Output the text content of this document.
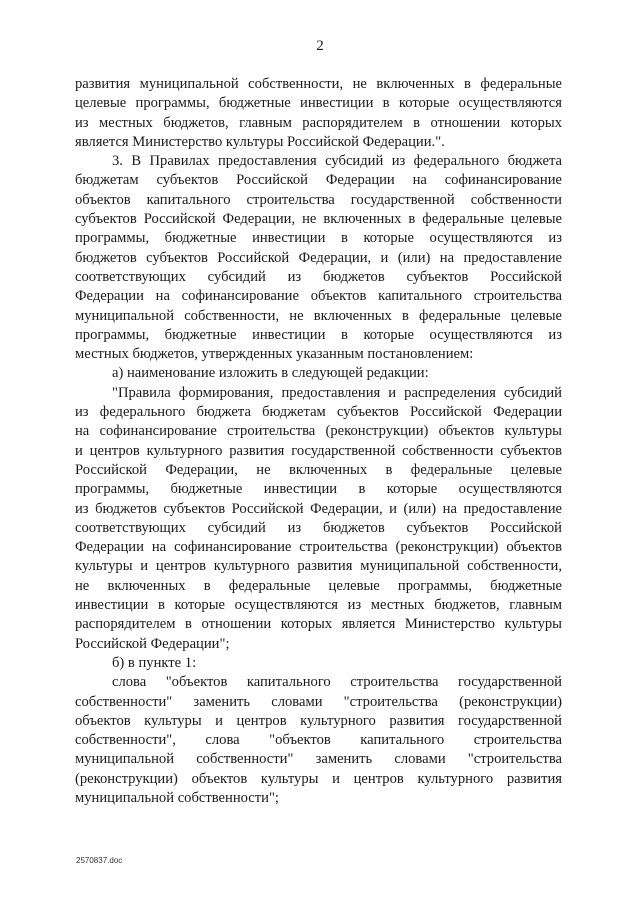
2
развития муниципальной собственности, не включенных в федеральные
целевые программы, бюджетные инвестиции в которые осуществляются
из местных бюджетов, главным распорядителем в отношении которых
является Министерство культуры Российской Федерации.".
3. В Правилах предоставления субсидий из федерального бюджета
бюджетам субъектов Российской Федерации на софинансирование
объектов капитального строительства государственной собственности
субъектов Российской Федерации, не включенных в федеральные целевые
программы, бюджетные инвестиции в которые осуществляются из
бюджетов субъектов Российской Федерации, и (или) на предоставление
соответствующих субсидий из бюджетов субъектов Российской
Федерации на софинансирование объектов капитального строительства
муниципальной собственности, не включенных в федеральные целевые
программы, бюджетные инвестиции в которые осуществляются из
местных бюджетов, утвержденных указанным постановлением:
а) наименование изложить в следующей редакции:
"Правила формирования, предоставления и распределения субсидий
из федерального бюджета бюджетам субъектов Российской Федерации
на софинансирование строительства (реконструкции) объектов культуры
и центров культурного развития государственной собственности субъектов
Российской Федерации, не включенных в федеральные целевые
программы, бюджетные инвестиции в которые осуществляются
из бюджетов субъектов Российской Федерации, и (или) на предоставление
соответствующих субсидий из бюджетов субъектов Российской
Федерации на софинансирование строительства (реконструкции) объектов
культуры и центров культурного развития муниципальной собственности,
не включенных в федеральные целевые программы, бюджетные
инвестиции в которые осуществляются из местных бюджетов, главным
распорядителем в отношении которых является Министерство культуры
Российской Федерации";
б) в пункте 1:
слова "объектов капитального строительства государственной
собственности" заменить словами "строительства (реконструкции)
объектов культуры и центров культурного развития государственной
собственности", слова "объектов капитального строительства
муниципальной собственности" заменить словами "строительства
(реконструкции) объектов культуры и центров культурного развития
муниципальной собственности";
2570837.doc
